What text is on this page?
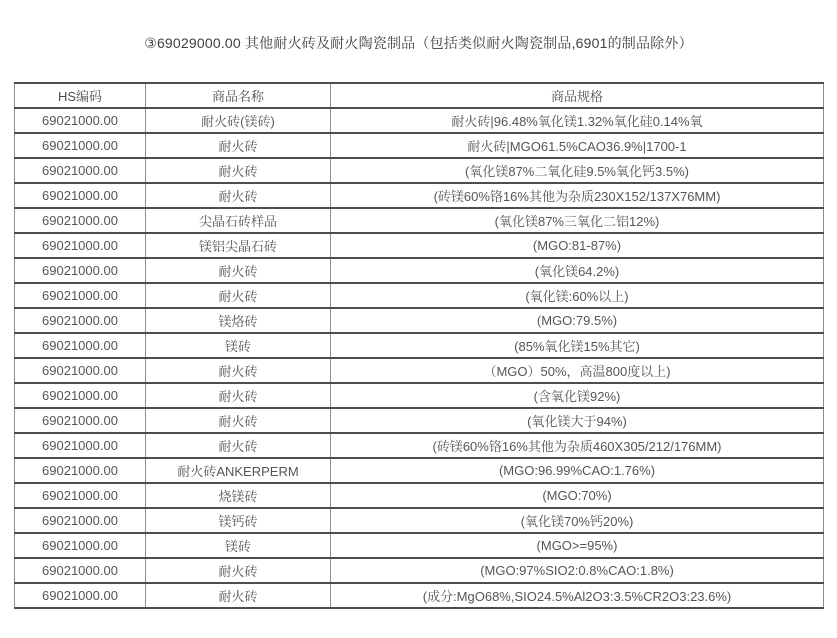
③69029000.00 其他耐火砖及耐火陶瓷制品（包括类似耐火陶瓷制品,6901的制品除外）
HS编码	商品名称	商品规格
69021000.00	耐火砖(镁砖)	耐火砖|96.48%氧化镁1.32%氧化硅0.14%氧
69021000.00	耐火砖	耐火砖|MGO61.5%CAO36.9%|1700-1
69021000.00	耐火砖	(氧化镁87%二氧化硅9.5%氧化钙3.5%)
69021000.00	耐火砖	(砖镁60%铬16%其他为杂质230X152/137X76MM)
69021000.00	尖晶石砖样品	(氧化镁87%三氧化二铝12%)
69021000.00	镁铝尖晶石砖	(MGO:81-87%)
69021000.00	耐火砖	(氧化镁64.2%)
69021000.00	耐火砖	(氧化镁:60%以上)
69021000.00	镁烙砖	(MGO:79.5%)
69021000.00	镁砖	(85%氧化镁15%其它)
69021000.00	耐火砖	（MGO）50%，高温800度以上)
69021000.00	耐火砖	(含氧化镁92%)
69021000.00	耐火砖	(氧化镁大于94%)
69021000.00	耐火砖	(砖镁60%铬16%其他为杂质460X305/212/176MM)
69021000.00	耐火砖ANKERPERM	(MGO:96.99%CAO:1.76%)
69021000.00	烧镁砖	(MGO:70%)
69021000.00	镁钙砖	(氧化镁70%钙20%)
69021000.00	镁砖	(MGO>=95%)
69021000.00	耐火砖	(MGO:97%SIO2:0.8%CAO:1.8%)
69021000.00	耐火砖	(成分:MgO68%,SIO24.5%Al2O3:3.5%CR2O3:23.6%)
